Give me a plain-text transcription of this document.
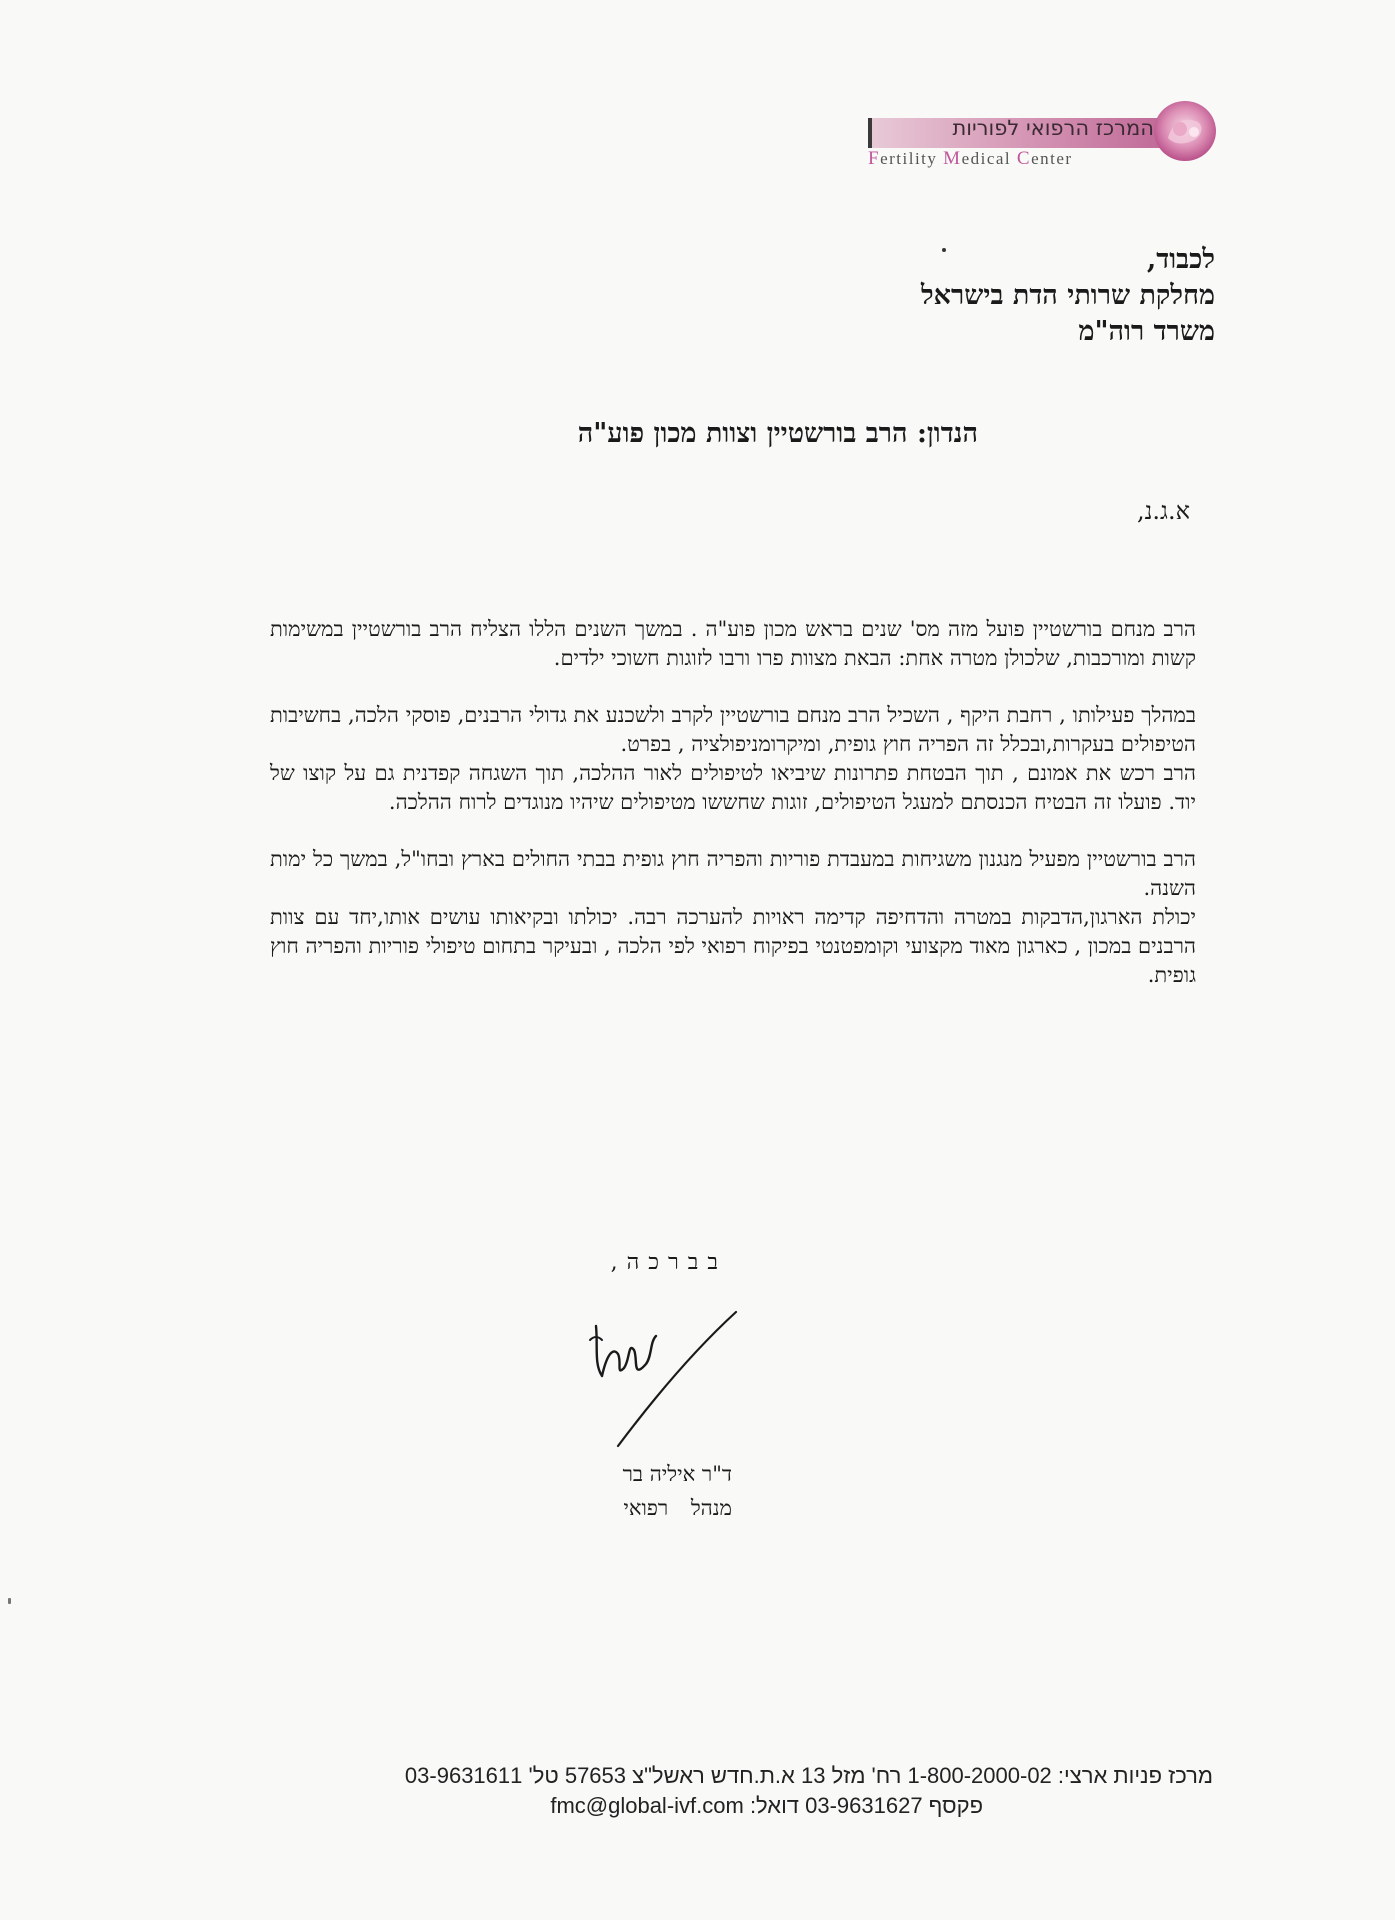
המרכז הרפואי לפוריות
Fertility Medical Center
לכבוד,
מחלקת שרותי הדת בישראל
משרד רוה"מ
הנדון: הרב בורשטיין וצוות מכון פוע"ה
א.ג.נ,

הרב מנחם בורשטיין פועל מזה מס' שנים בראש מכון פוע"ה . במשך השנים הללו הצליח הרב בורשטיין במשימות קשות ומורכבות, שלכולן מטרה אחת: הבאת מצוות פרו ורבו לזוגות חשוכי ילדים.

במהלך פעילותו , רחבת היקף , השכיל הרב מנחם בורשטיין לקרב ולשכנע את גדולי הרבנים, פוסקי הלכה, בחשיבות הטיפולים בעקרות,ובכלל זה הפריה חוץ גופית, ומיקרומניפולציה , בפרט.

הרב רכש את אמונם , תוך הבטחת פתרונות שיביאו לטיפולים לאור ההלכה, תוך השגחה קפדנית גם על קוצו של יוד. פועלו זה הבטיח הכנסתם למעגל הטיפולים, זוגות שחששו מטיפולים שיהיו מנוגדים לרוח ההלכה.

הרב בורשטיין מפעיל מנגנון משגיחות במעבדת פוריות והפריה חוץ גופית בבתי החולים בארץ ובחו"ל, במשך כל ימות השנה.

יכולת הארגון,הדבקות במטרה והדחיפה קדימה ראויות להערכה רבה. יכולתו ובקיאותו עושים אותו,יחד עם צוות הרבנים במכון , כארגון מאוד מקצועי וקומפטנטי בפיקוח רפואי לפי הלכה , ובעיקר בתחום טיפולי פוריות והפריה חוץ גופית.

בברכה,
ד"ר איליה בר
מנהל רפואי
מרכז פניות ארצי: 1-800-2000-02 רח' מזל 13 א.ת.חדש ראשל"צ 57653 טל' 03-9631611
פקסף 03-9631627 דואל: fmc@global-ivf.com
